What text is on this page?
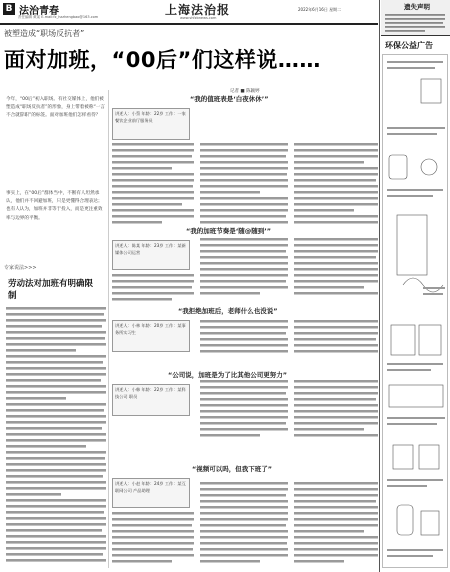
B 法治青春	上海法治报
责任编辑 黄某 E-mail:fz_hzzhengbao@163.com	www.shfzbnews.com
2022年6月16日 星期二
被塑造成“职场反抗者”
面对加班，“00后”们这样说……
记者 ■ 陈颖婷
今年，“00后”初入职场。有社交媒体上，他们被塑造成“职场反抗者”的形象，身上带着被称“一言不合就辞职”的标签。面对加班他们怎样看待？
事实上，在“00后”群体当中，不断有人坦然承认，他们并不回避加班，只是更懂得合理表达；也有人认为，加班并非等于投入，而是更注重效率与边界的平衡。
专家说法>>>
劳动法对加班有明确限制
“我的值班表是‘白夜休休’”
讲述人：小蔡 年龄：22岁 工作：一家餐饮企业前厅服务员
“我的加班节奏是‘随@随到’”
讲述人：陈某 年龄：23岁 工作：某新媒体公司运营
“我拒绝加班后，老师什么也没说”
讲述人：小林 年龄：20岁 工作：某事务所实习生
“公司说，加班是为了比其他公司更努力”
讲述人：小韩 年龄：22岁 工作：某科技公司 职员
“视频可以吗，但我下班了”
讲述人：小赵 年龄：24岁 工作：某互联网公司 产品助理
遗失声明
环保公益广告
